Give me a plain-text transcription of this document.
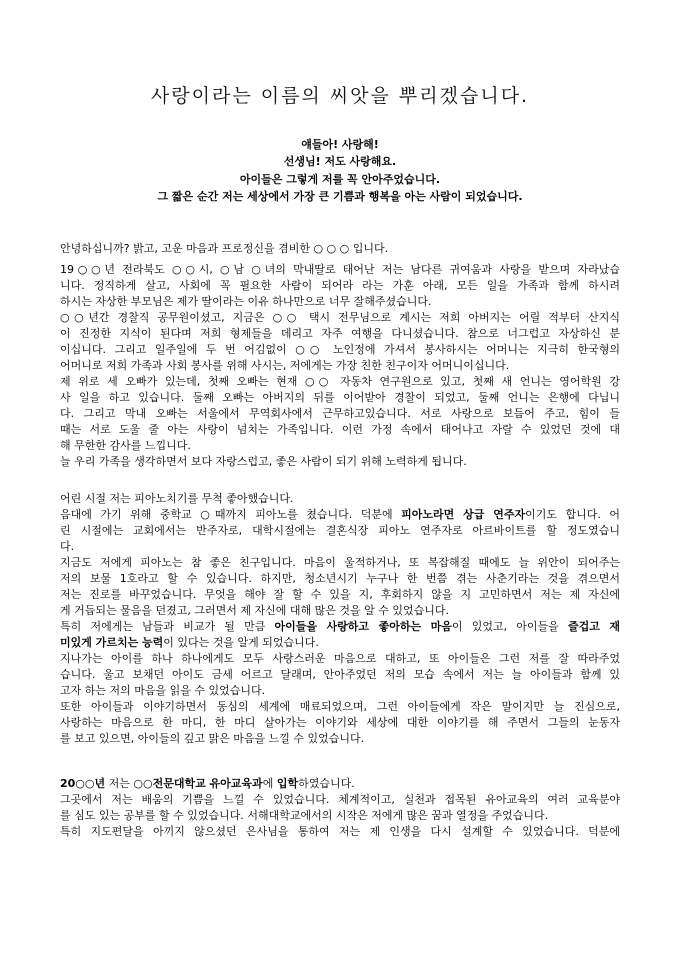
사랑이라는 이름의 씨앗을 뿌리겠습니다.
얘들아! 사랑해!
선생님! 저도 사랑해요.
아이들은 그렇게 저를 꼭 안아주었습니다.
그 짧은 순간 저는 세상에서 가장 큰 기쁨과 행복을 아는 사람이 되었습니다.
안녕하십니까? 밝고, 고운 마음과 프로정신을 겸비한 ○ ○ ○ 입니다.
19○○년 전라북도 ○○시, ○남 ○녀의 막내딸로 태어난 저는 남다른 귀여움과 사랑을 받으며 자라났습
니다. 정직하게 살고, 사회에 꼭 필요한 사람이 되어라 라는 가훈 아래, 모든 일을 가족과 함께 하시려
하시는 자상한 부모님은 제가 딸이라는 이유 하나만으로 너무 잘해주셨습니다.
○○년간 경찰직 공무원이셨고, 지금은 ○○ 택시 전무님으로 계시는 저희 아버지는 어릴 적부터 산지식
이 진정한 지식이 된다며 저희 형제들을 데리고 자주 여행을 다니셨습니다. 참으로 너그럽고 자상하신 분
이십니다. 그리고 일주일에 두 번 어김없이 ○○ 노인정에 가셔서 봉사하시는 어머니는 지극히 한국형의
어머니로 저희 가족과 사회 봉사를 위해 사시는, 저에게는 가장 친한 친구이자 어머니이십니다.
제 위로 세 오빠가 있는데, 첫째 오빠는 현재 ○○ 자동차 연구원으로 있고, 첫째 새 언니는 영어학원 강
사 일을 하고 있습니다. 둘째 오빠는 아버지의 뒤를 이어받아 경찰이 되었고, 둘째 언니는 은행에 다닙니
다. 그리고 막내 오빠는 서울에서 무역회사에서 근무하고있습니다. 서로 사랑으로 보듬어 주고, 힘이 들
때는 서로 도울 줄 아는 사랑이 넘치는 가족입니다. 이런 가정 속에서 태어나고 자랄 수 있었던 것에 대
해 무한한 감사를 느낍니다.
늘 우리 가족을 생각하면서 보다 자랑스럽고, 좋은 사람이 되기 위해 노력하게 됩니다.
어린 시절 저는 피아노치기를 무척 좋아했습니다.
음대에 가기 위해 중학교 ○때까지 피아노를 쳤습니다. 덕분에 피아노라면 상급 연주자이기도 합니다. 어
린 시절에는 교회에서는 반주자로, 대학시절에는 결혼식장 피아노 연주자로 아르바이트를 할 정도였습니
다.
지금도 저에게 피아노는 참 좋은 친구입니다. 마음이 울적하거나, 또 복잡해질 때에도 늘 위안이 되어주는
저의 보물 1호라고 할 수 있습니다. 하지만, 청소년시기 누구나 한 번쯤 겪는 사춘기라는 것을 겪으면서
저는 진로를 바꾸었습니다. 무엇을 해야 잘 할 수 있을 지, 후회하지 않을 지 고민하면서 저는 제 자신에
게 거듭되는 물음을 던졌고, 그러면서 제 자신에 대해 많은 것을 알 수 있었습니다.
특히 저에게는 남들과 비교가 될 만큼 아이들을 사랑하고 좋아하는 마음이 있었고, 아이들을 즐겁고 재
미있게 가르치는 능력이 있다는 것을 알게 되었습니다.
지나가는 아이를 하나 하나에게도 모두 사랑스러운 마음으로 대하고, 또 아이들은 그런 저를 잘 따라주었
습니다. 울고 보채던 아이도 금세 어르고 달래며, 안아주었던 저의 모습 속에서 저는 늘 아이들과 함께 있
고자 하는 저의 마음을 읽을 수 있었습니다.
또한 아이들과 이야기하면서 동심의 세계에 매료되었으며, 그런 아이들에게 작은 말이지만 늘 진심으로,
사랑하는 마음으로 한 마디, 한 마디 살아가는 이야기와 세상에 대한 이야기를 해 주면서 그들의 눈동자
를 보고 있으면, 아이들의 깊고 맑은 마음을 느낄 수 있었습니다.
20○○년 저는 ○○전문대학교 유아교육과에 입학하였습니다.
그곳에서 저는 배움의 기쁨을 느낄 수 있었습니다. 체계적이고, 실천과 접목된 유아교육의 여러 교육분야
를 심도 있는 공부를 할 수 있었습니다. 서해대학교에서의 시작은 저에게 많은 꿈과 열정을 주었습니다.
특히 지도편달을 아끼지 않으셨던 은사님을 통하여 저는 제 인생을 다시 설계할 수 있었습니다. 덕분에
